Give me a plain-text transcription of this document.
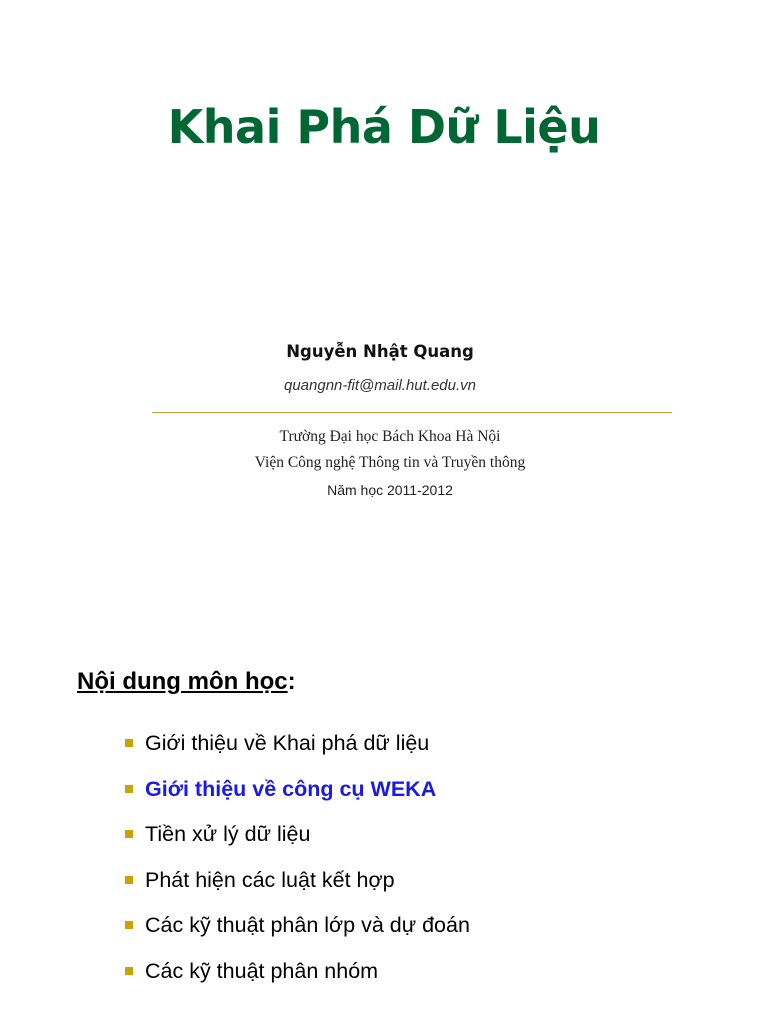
Khai Phá Dữ Liệu
Nguyễn Nhật Quang
quangnn-fit@mail.hut.edu.vn
Trường Đại học Bách Khoa Hà Nội
Viện Công nghệ Thông tin và Truyền thông
Năm học 2011-2012
Nội dung môn học:
Giới thiệu về Khai phá dữ liệu
Giới thiệu về công cụ WEKA
Tiền xử lý dữ liệu
Phát hiện các luật kết hợp
Các kỹ thuật phân lớp và dự đoán
Các kỹ thuật phân nhóm
